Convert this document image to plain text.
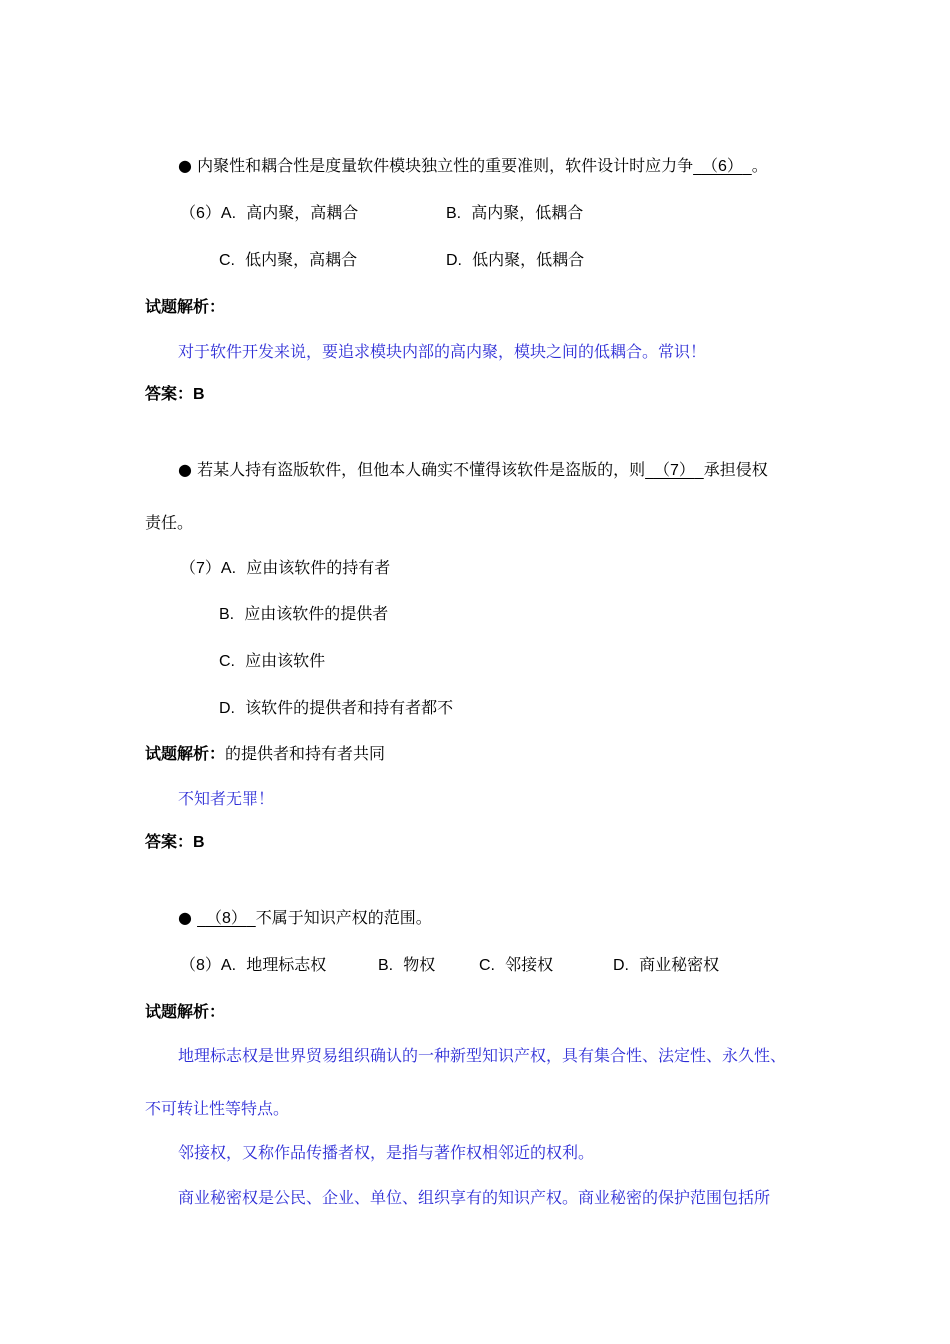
● 内聚性和耦合性是度量软件模块独立性的重要准则，软件设计时应力争 （6） 。
（6）A. 高内聚，高耦合	B. 高内聚，低耦合
C. 低内聚，高耦合	D. 低内聚，低耦合
试题解析：
对于软件开发来说，要追求模块内部的高内聚，模块之间的低耦合。常识！
答案：B
● 若某人持有盗版软件，但他本人确实不懂得该软件是盗版的，则 （7） 承担侵权
责任。
（7）A. 应由该软件的持有者
B. 应由该软件的提供者
C. 应由该软件
D. 该软件的提供者和持有者都不
试题解析：的提供者和持有者共同
不知者无罪！
答案：B
● （8） 不属于知识产权的范围。
（8）A. 地理标志权	B. 物权	C. 邻接权	D. 商业秘密权
试题解析：
地理标志权是世界贸易组织确认的一种新型知识产权，具有集合性、法定性、永久性、
不可转让性等特点。
邻接权，又称作品传播者权，是指与著作权相邻近的权利。
商业秘密权是公民、企业、单位、组织享有的知识产权。商业秘密的保护范围包括所
